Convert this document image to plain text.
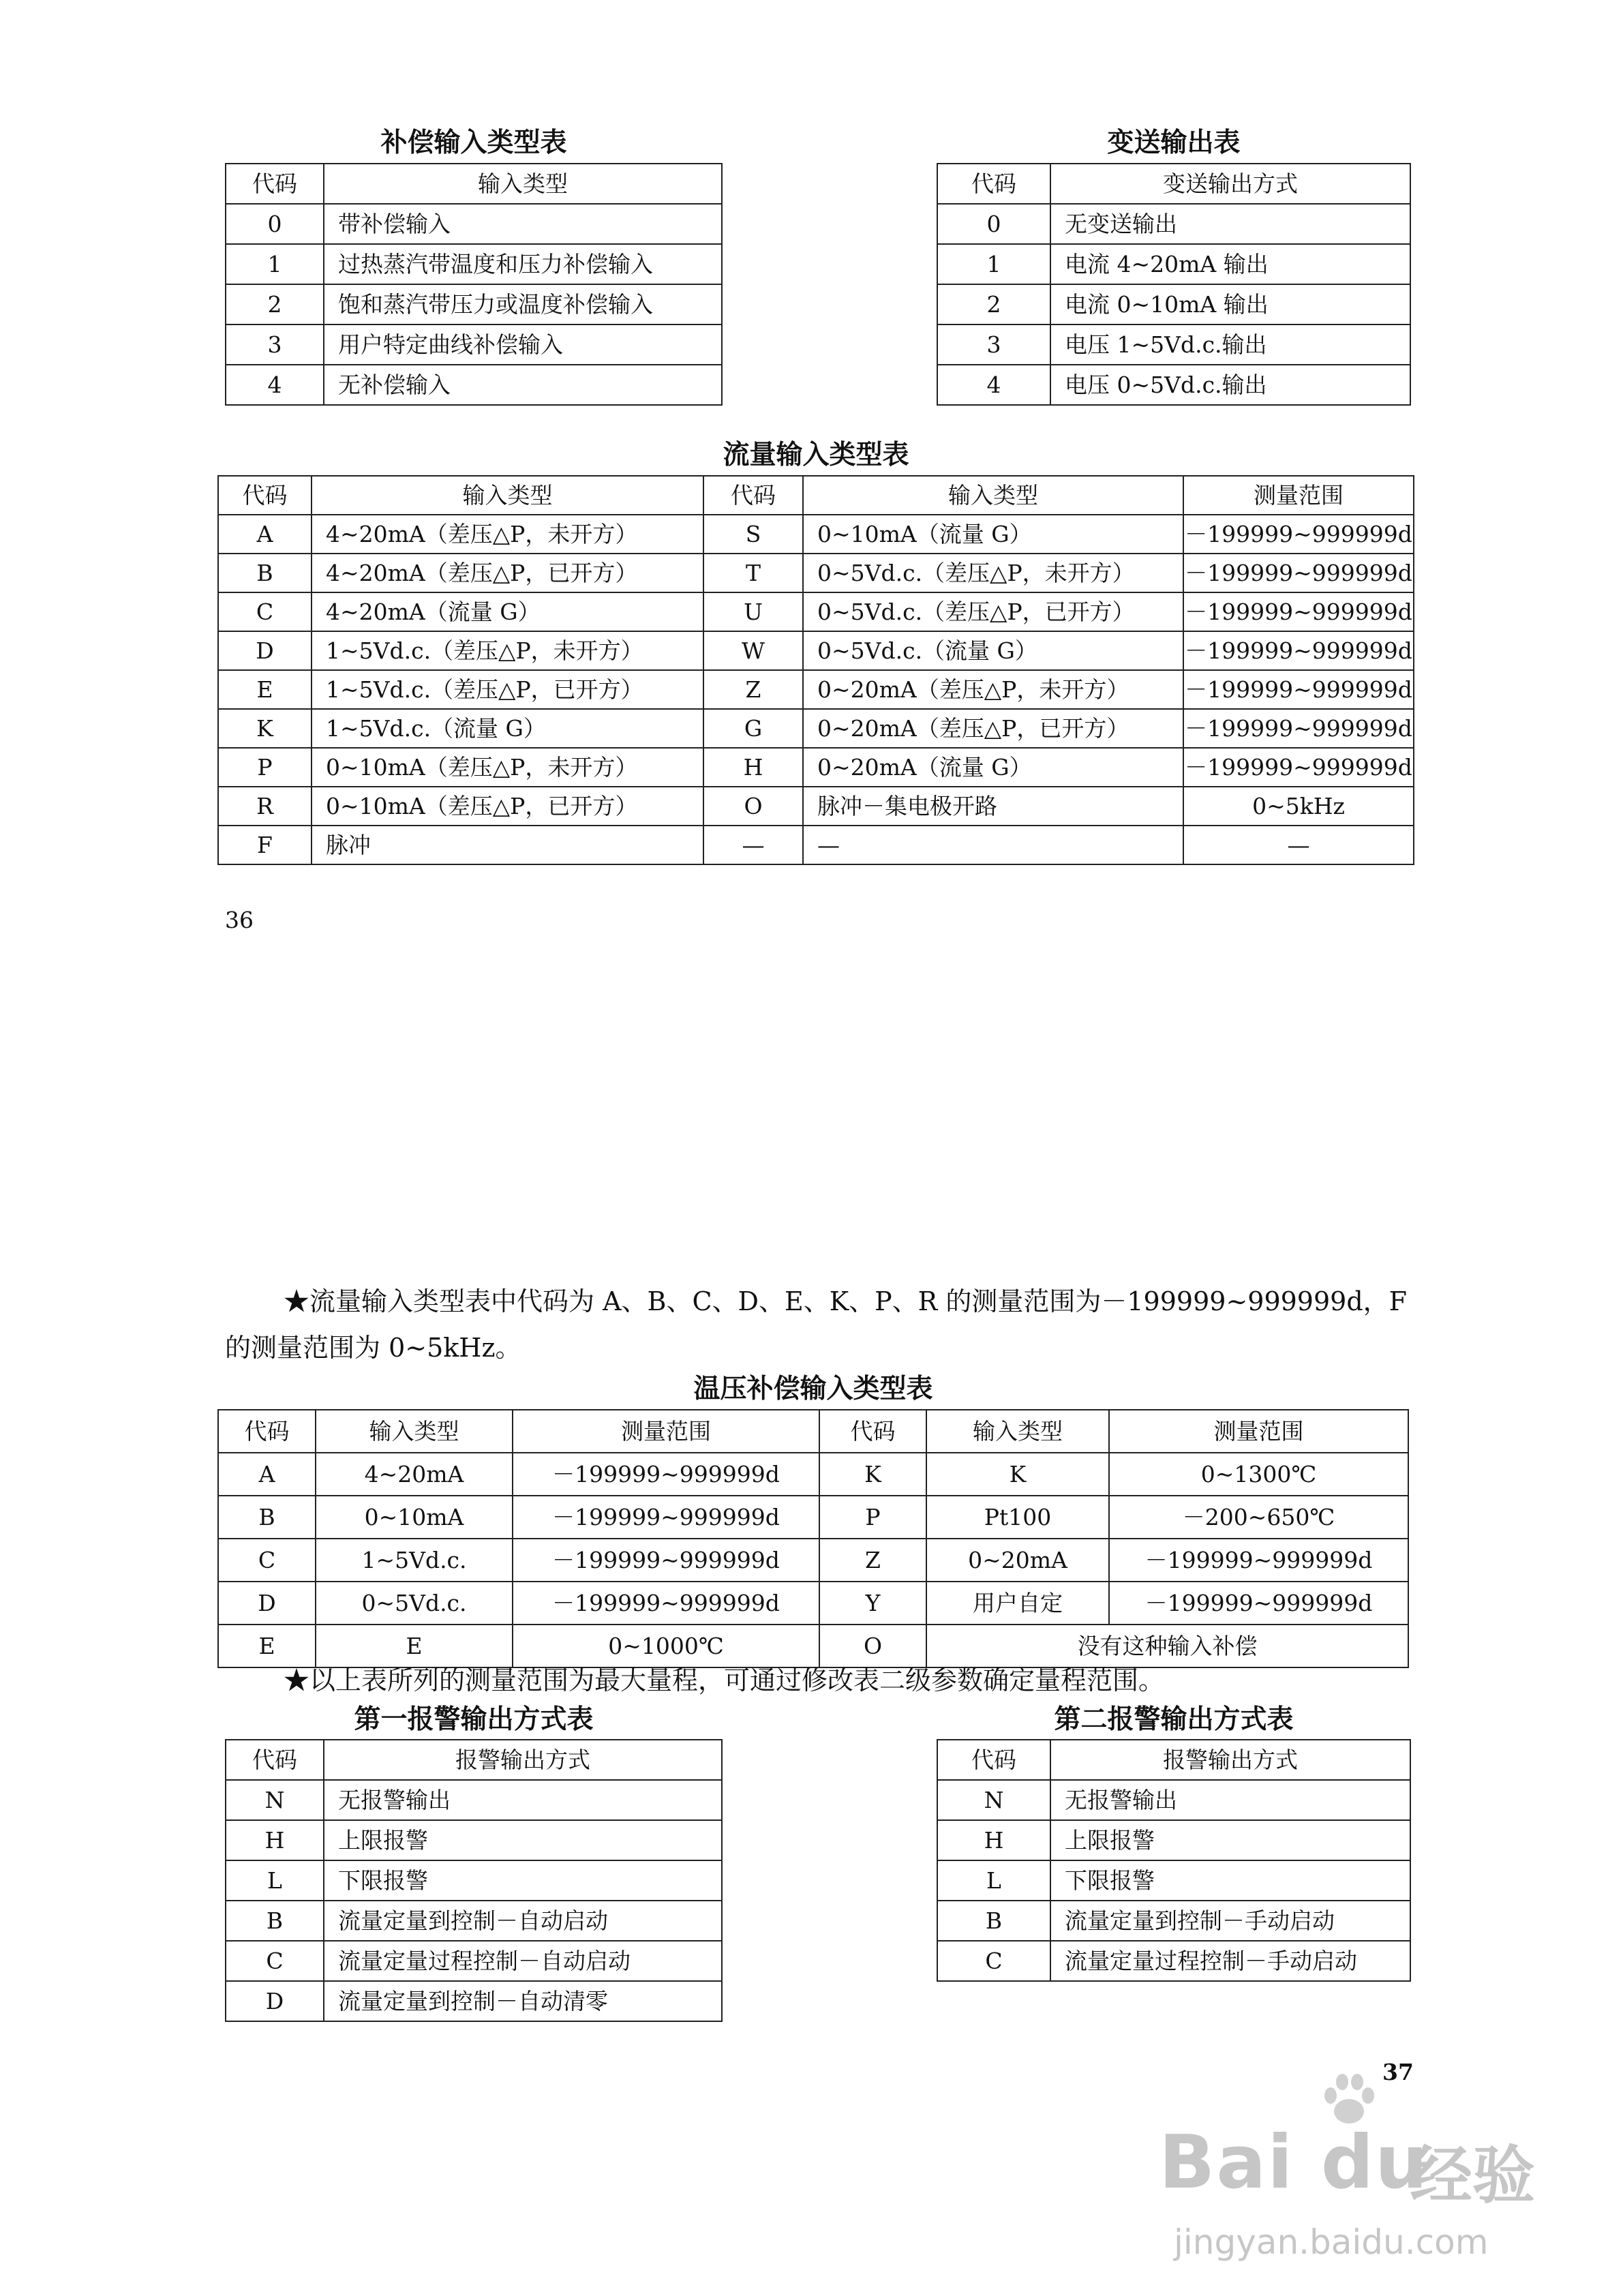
补偿输入类型表
代码	输入类型
0	带补偿输入
1	过热蒸汽带温度和压力补偿输入
2	饱和蒸汽带压力或温度补偿输入
3	用户特定曲线补偿输入
4	无补偿输入
变送输出表
代码	变送输出方式
0	无变送输出
1	电流 4~20mA 输出
2	电流 0~10mA 输出
3	电压 1~5Vd.c.输出
4	电压 0~5Vd.c.输出
流量输入类型表
代码	输入类型	代码	输入类型	测量范围
A	4~20mA（差压△P，未开方）	S	0~10mA（流量 G）	－199999~999999d
B	4~20mA（差压△P，已开方）	T	0~5Vd.c.（差压△P，未开方）	－199999~999999d
C	4~20mA（流量 G）	U	0~5Vd.c.（差压△P，已开方）	－199999~999999d
D	1~5Vd.c.（差压△P，未开方）	W	0~5Vd.c.（流量 G）	－199999~999999d
E	1~5Vd.c.（差压△P，已开方）	Z	0~20mA（差压△P，未开方）	－199999~999999d
K	1~5Vd.c.（流量 G）	G	0~20mA（差压△P，已开方）	－199999~999999d
P	0~10mA（差压△P，未开方）	H	0~20mA（流量 G）	－199999~999999d
R	0~10mA（差压△P，已开方）	O	脉冲－集电极开路	0~5kHz
F	脉冲	—	—	—
36
★流量输入类型表中代码为 A、B、C、D、E、K、P、R 的测量范围为－199999~999999d，F 的测量范围为 0~5kHz。
温压补偿输入类型表
代码	输入类型	测量范围	代码	输入类型	测量范围
A	4~20mA	－199999~999999d	K	K	0~1300℃
B	0~10mA	－199999~999999d	P	Pt100	－200~650℃
C	1~5Vd.c.	－199999~999999d	Z	0~20mA	－199999~999999d
D	0~5Vd.c.	－199999~999999d	Y	用户自定	－199999~999999d
E	E	0~1000℃	O	没有这种输入补偿	
★以上表所列的测量范围为最大量程，可通过修改表二级参数确定量程范围。
第一报警输出方式表
代码	报警输出方式
N	无报警输出
H	上限报警
L	下限报警
B	流量定量到控制－自动启动
C	流量定量过程控制－自动启动
D	流量定量到控制－自动清零
第二报警输出方式表
代码	报警输出方式
N	无报警输出
H	上限报警
L	下限报警
B	流量定量到控制－手动启动
C	流量定量过程控制－手动启动
37
Bai du
经验
jingyan.baidu.com
